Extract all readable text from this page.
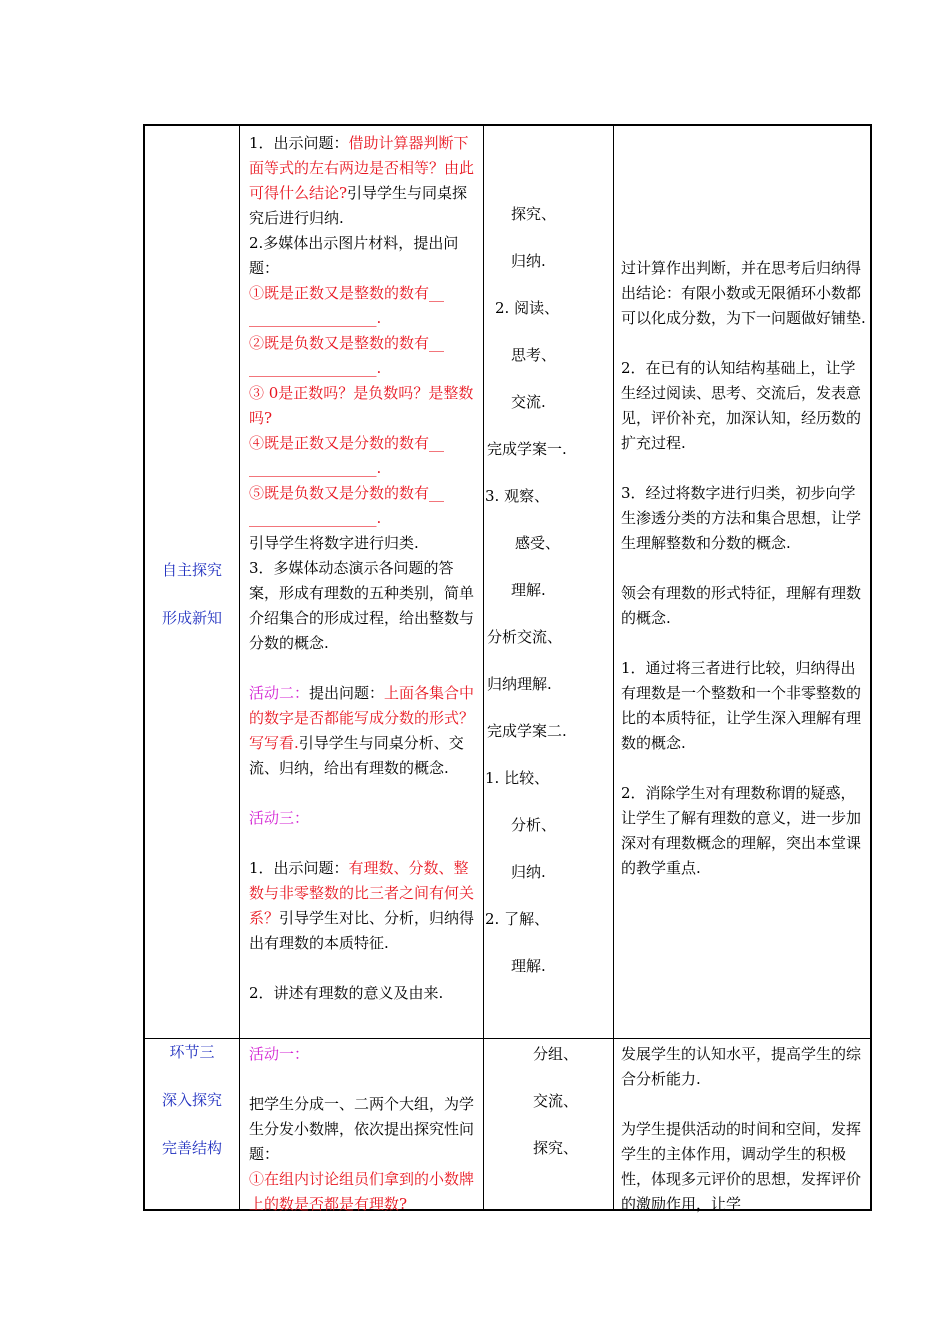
自主探究
形成新知
1．出示问题：借助计算器判断下面等式的左右两边是否相等？由此可得什么结论?引导学生与同桌探究后进行归纳.
2.多媒体出示图片材料，提出问题：
①既是正数又是整数的数有__
_________________.
②既是负数又是整数的数有__
_________________.
③ 0是正数吗？是负数吗？是整数吗?
④既是正数又是分数的数有__
_________________.
⑤既是负数又是分数的数有__
_________________.
引导学生将数字进行归类.
3．多媒体动态演示各问题的答案，形成有理数的五种类别，简单介绍集合的形成过程，给出整数与分数的概念.
活动二：提出问题：上面各集合中的数字是否都能写成分数的形式？写写看.引导学生与同桌分析、交流、归纳，给出有理数的概念.
活动三：
1．出示问题：有理数、分数、整数与非零整数的比三者之间有何关系？引导学生对比、分析，归纳得出有理数的本质特征.
2．讲述有理数的意义及由来.
探究、
归纳.
2. 阅读、
思考、
交流.
完成学案一.
3. 观察、
感受、
理解.
分析交流、
归纳理解.
完成学案二.
1. 比较、
分析、
归纳.
2. 了解、
理解.
过计算作出判断，并在思考后归纳得出结论：有限小数或无限循环小数都可以化成分数，为下一问题做好铺垫.
2．在已有的认知结构基础上，让学生经过阅读、思考、交流后，发表意见，评价补充，加深认知，经历数的扩充过程.
3．经过将数字进行归类，初步向学生渗透分类的方法和集合思想，让学生理解整数和分数的概念.
领会有理数的形式特征，理解有理数的概念.
1．通过将三者进行比较，归纳得出有理数是一个整数和一个非零整数的比的本质特征，让学生深入理解有理数的概念.
2．消除学生对有理数称谓的疑惑，让学生了解有理数的意义，进一步加深对有理数概念的理解，突出本堂课的教学重点.
环节三
深入探究
完善结构
活动一：
把学生分成一、二两个大组，为学生分发小数牌，依次提出探究性问题：
①在组内讨论组员们拿到的小数牌上的数是否都是有理数?
分组、
交流、
探究、
发展学生的认知水平，提高学生的综合分析能力.
为学生提供活动的时间和空间，发挥学生的主体作用，调动学生的积极性，体现多元评价的思想，发挥评价的激励作用，让学
